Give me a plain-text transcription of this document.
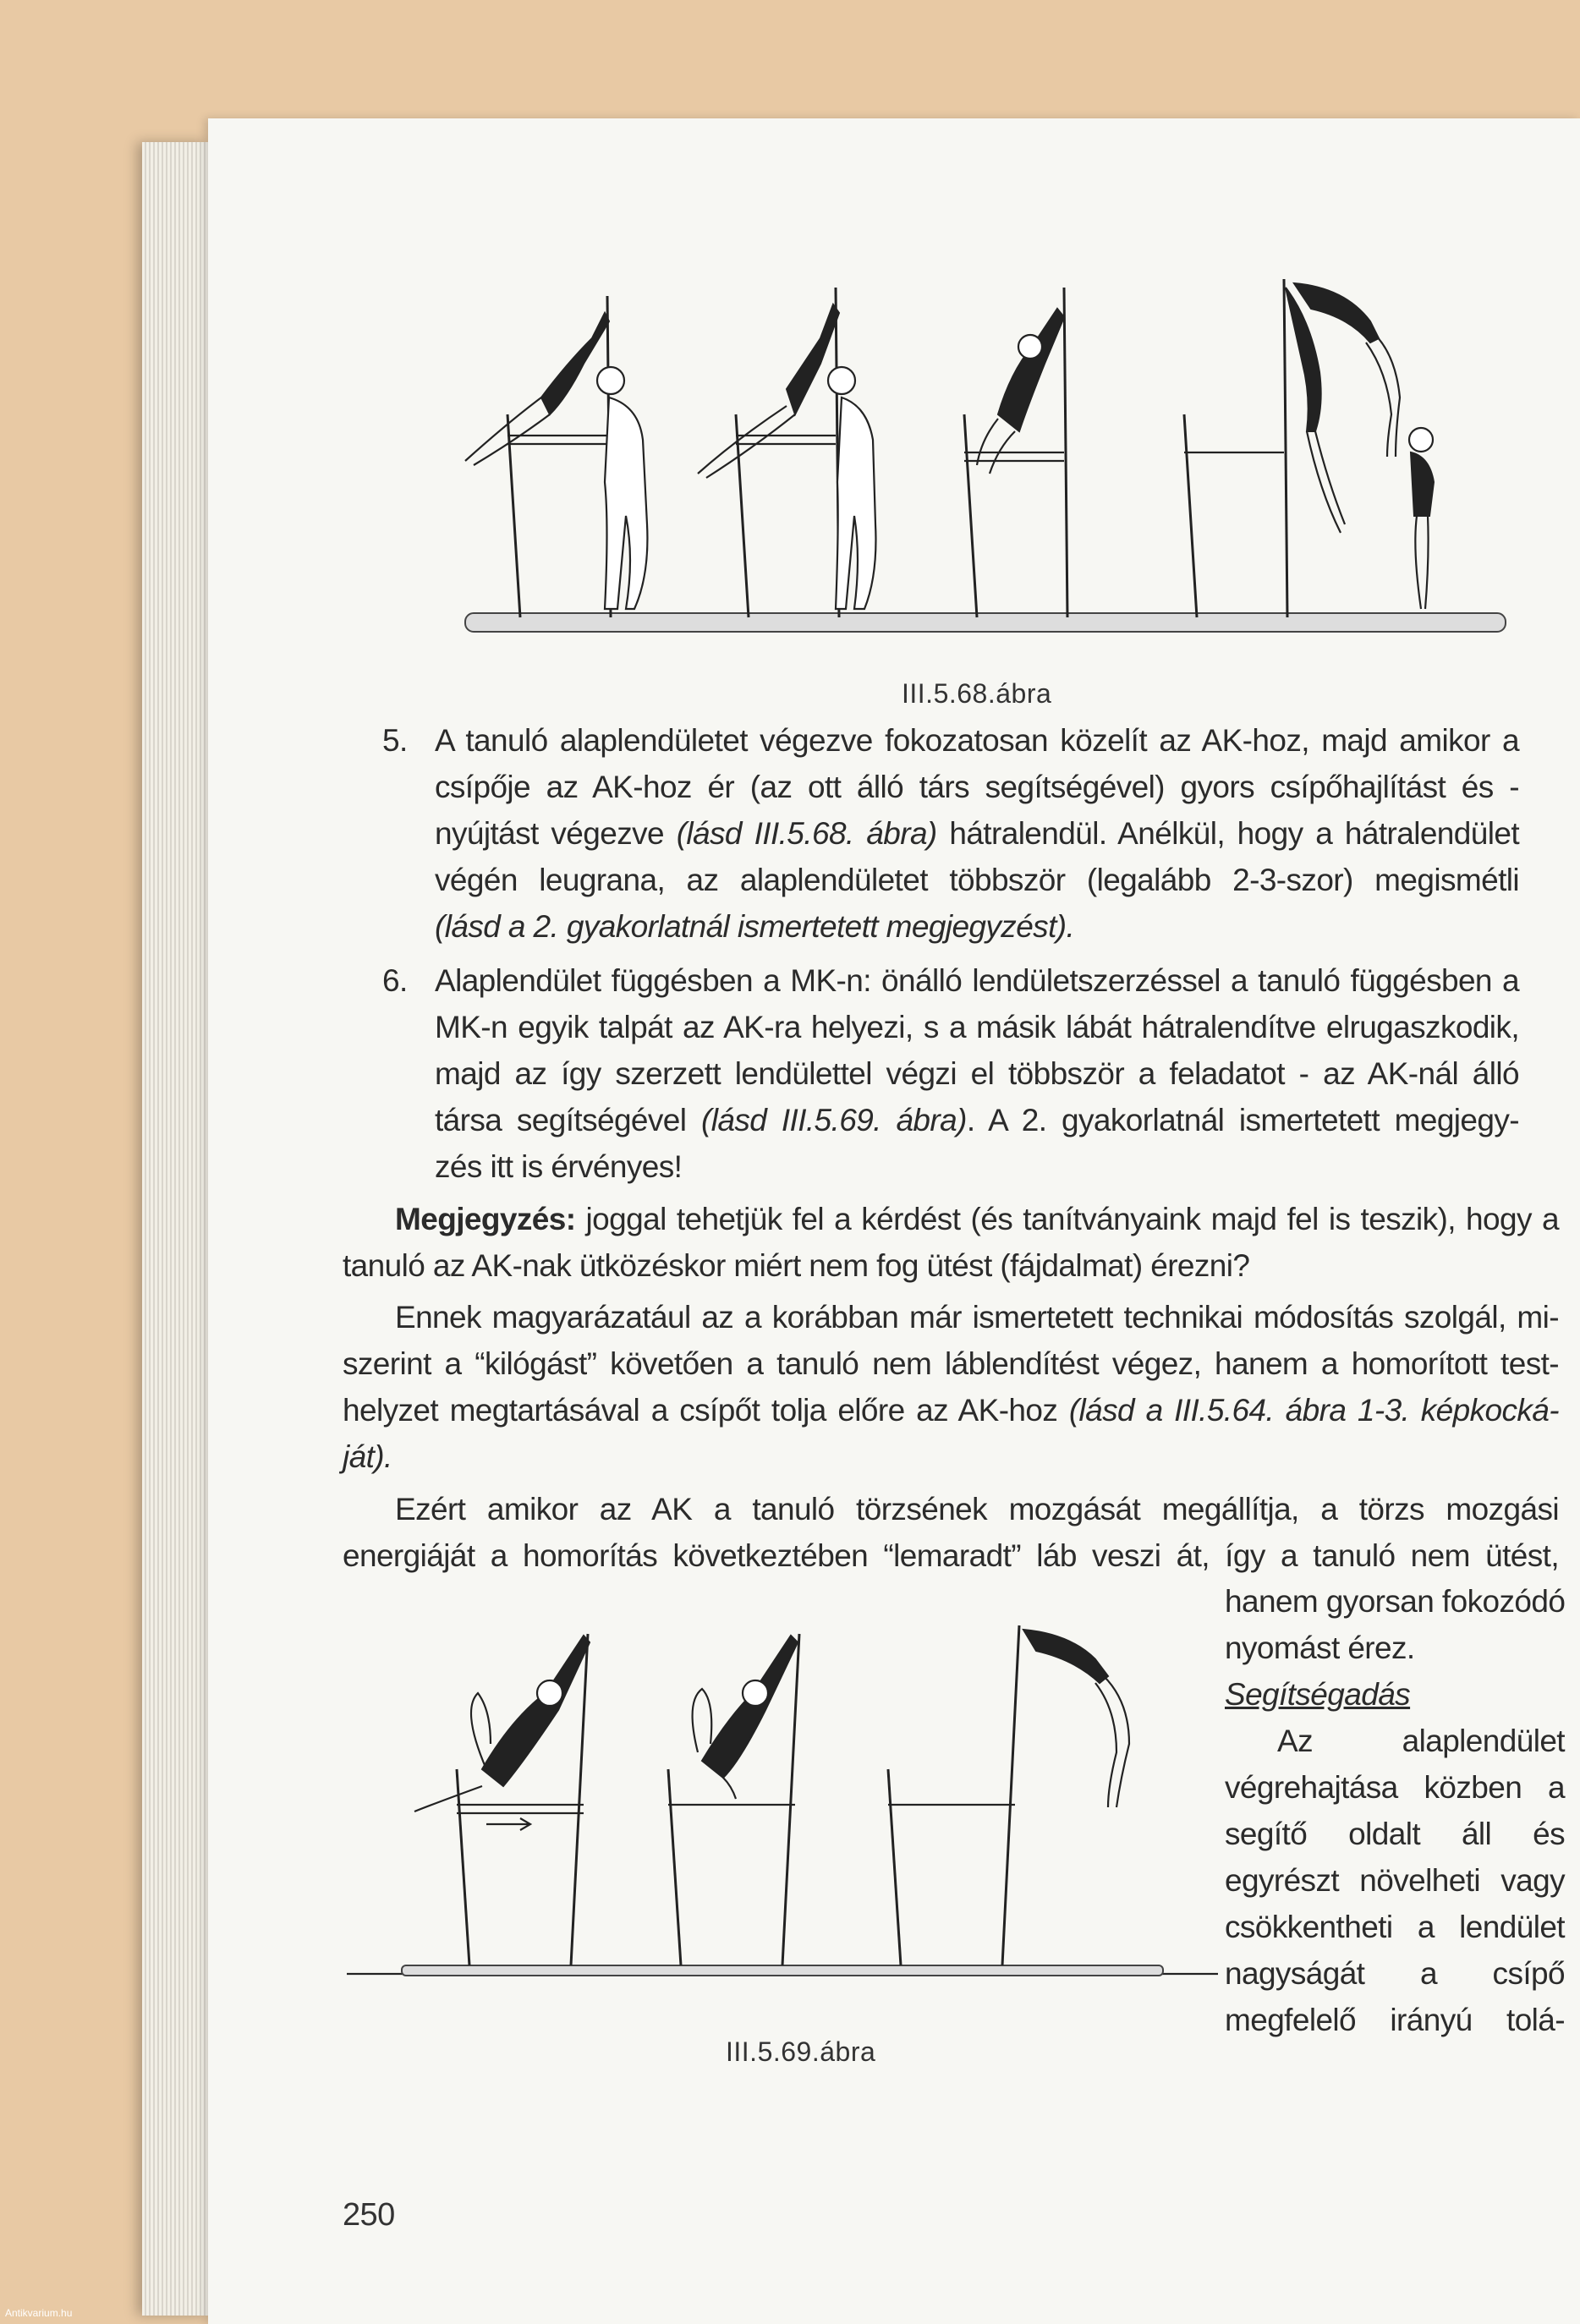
III.5.68.ábra
5. A tanuló alaplendületet végezve fokozatosan közelít az AK-hoz, majd amikor a
csípője az AK-hoz ér (az ott álló társ segítségével) gyors csípőhajlítást és -
nyújtást végezve (lásd III.5.68. ábra) hátralendül. Anélkül, hogy a hátralendület
végén leugrana, az alaplendületet többször (legalább 2-3-szor) megismétli
(lásd a 2. gyakorlatnál ismertetett megjegyzést).
6. Alaplendület függésben a MK-n: önálló lendületszerzéssel a tanuló függésben a
MK-n egyik talpát az AK-ra helyezi, s a másik lábát hátralendítve elrugaszkodik,
majd az így szerzett lendülettel végzi el többször a feladatot - az AK-nál álló
társa segítségével (lásd III.5.69. ábra). A 2. gyakorlatnál ismertetett megjegy-
zés itt is érvényes!
Megjegyzés: joggal tehetjük fel a kérdést (és tanítványaink majd fel is teszik), hogy a
tanuló az AK-nak ütközéskor miért nem fog ütést (fájdalmat) érezni?
Ennek magyarázatául az a korábban már ismertetett technikai módosítás szolgál, mi-
szerint a “kilógást” követően a tanuló nem láblendítést végez, hanem a homorított test-
helyzet megtartásával a csípőt tolja előre az AK-hoz (lásd a III.5.64. ábra 1-3. képkocká-
ját).
Ezért amikor az AK a tanuló törzsének mozgását megállítja, a törzs mozgási
energiáját a homorítás következtében “lemaradt” láb veszi át, így a tanuló nem ütést,
hanem gyorsan fokozódó
nyomást érez.
Segítségadás
Az alaplendület
végrehajtása közben a
segítő oldalt áll és
egyrészt növelheti vagy
csökkentheti a lendület
nagyságát a csípő
megfelelő irányú tolá-
III.5.69.ábra
250
Antikvarium.hu
